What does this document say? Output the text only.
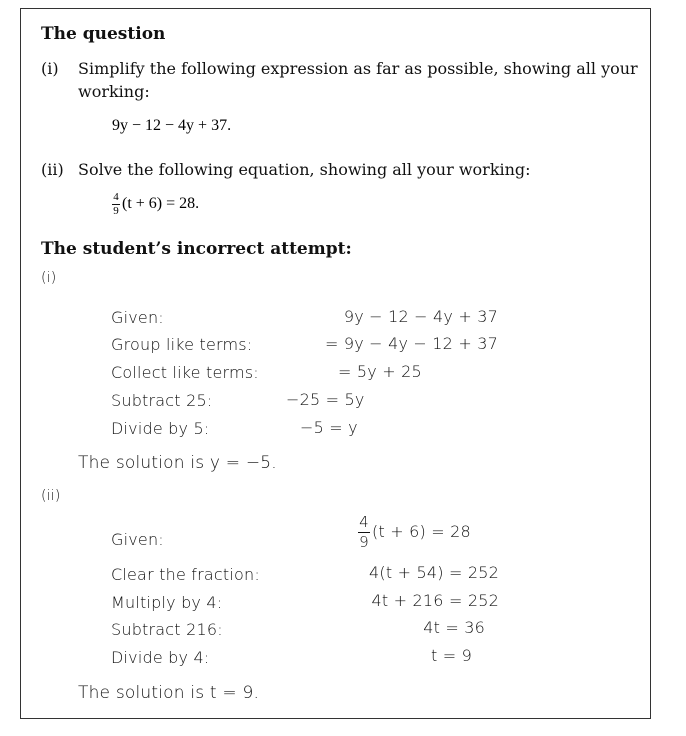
The question
(i) Simplify the following expression as far as possible, showing all your
working:
9y − 12 − 4y + 37.
(ii) Solve the following equation, showing all your working:
$\frac{4}{9} (t + 6) = 28$.
The student’s incorrect attempt:
(i)
Given:	9y − 12 − 4y + 37
Group like terms:	= 9y − 4y − 12 + 37
Collect like terms:	= 5y + 25
Subtract 25:	−25 = 5y
Divide by 5:	−5 = y
The solution is y = −5.
(ii)
Given:	$\frac{4}{9} (t + 6) = 28$
Clear the fraction:	4(t + 54) = 252
Multiply by 4:	4t + 216 = 252
Subtract 216:	4t = 36
Divide by 4:	t = 9
The solution is t = 9.
